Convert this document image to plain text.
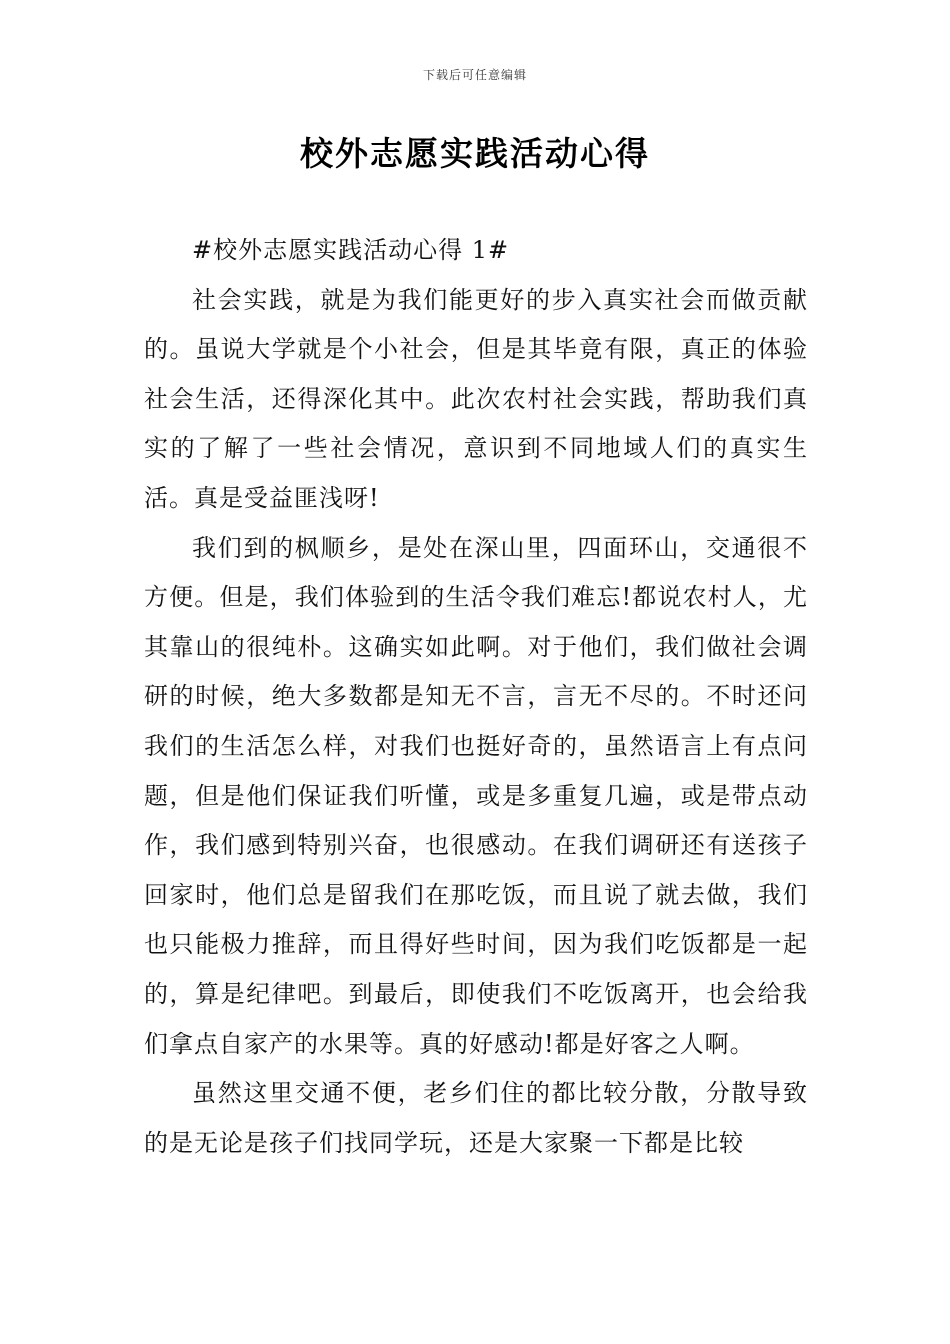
下载后可任意编辑
校外志愿实践活动心得

#校外志愿实践活动心得 1#

社会实践，就是为我们能更好的步入真实社会而做贡献的。虽说大学就是个小社会，但是其毕竟有限，真正的体验社会生活，还得深化其中。此次农村社会实践，帮助我们真实的了解了一些社会情况，意识到不同地域人们的真实生活。真是受益匪浅呀!

我们到的枫顺乡，是处在深山里，四面环山，交通很不方便。但是，我们体验到的生活令我们难忘!都说农村人，尤其靠山的很纯朴。这确实如此啊。对于他们，我们做社会调研的时候，绝大多数都是知无不言，言无不尽的。不时还问我们的生活怎么样，对我们也挺好奇的，虽然语言上有点问题，但是他们保证我们听懂，或是多重复几遍，或是带点动作，我们感到特别兴奋，也很感动。在我们调研还有送孩子回家时，他们总是留我们在那吃饭，而且说了就去做，我们也只能极力推辞，而且得好些时间，因为我们吃饭都是一起的，算是纪律吧。到最后，即使我们不吃饭离开，也会给我们拿点自家产的水果等。真的好感动!都是好客之人啊。

虽然这里交通不便，老乡们住的都比较分散，分散导致的是无论是孩子们找同学玩，还是大家聚一下都是比较
